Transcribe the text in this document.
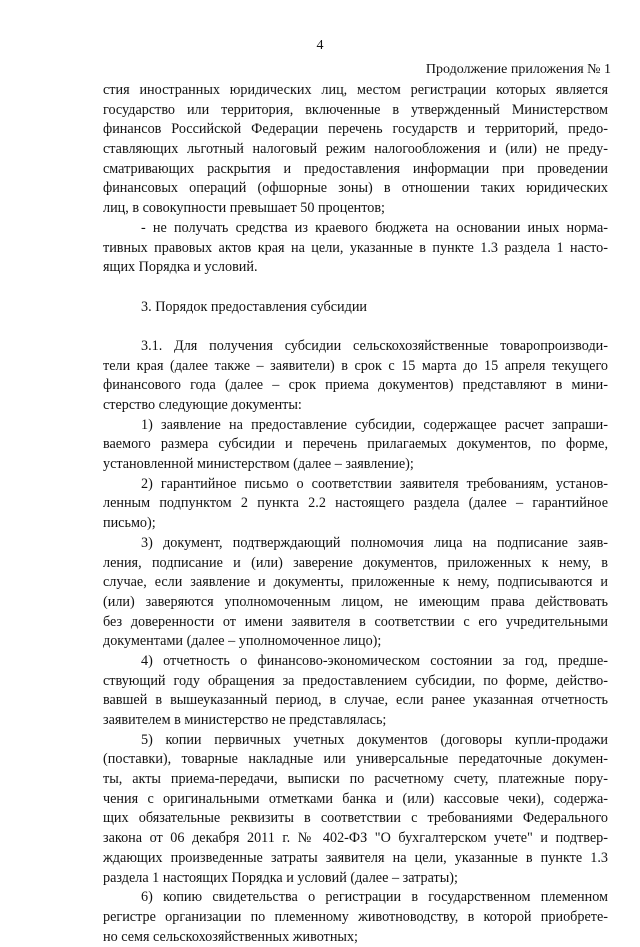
4
Продолжение приложения № 1
стия иностранных юридических лиц, местом регистрации которых является
государство или территория, включенные в утвержденный Министерством
финансов Российской Федерации перечень государств и территорий, предо-
ставляющих льготный налоговый режим налогообложения и (или) не преду-
сматривающих раскрытия и предоставления информации при проведении
финансовых операций (офшорные зоны) в отношении таких юридических
лиц, в совокупности превышает 50 процентов;
- не получать средства из краевого бюджета на основании иных норма-
тивных правовых актов края на цели, указанные в пункте 1.3 раздела 1 насто-
ящих Порядка и условий.
3. Порядок предоставления субсидии
3.1. Для получения субсидии сельскохозяйственные товаропроизводи-
тели края (далее также – заявители) в срок с 15 марта до 15 апреля текущего
финансового года (далее – срок приема документов) представляют в мини-
стерство следующие документы:
1) заявление на предоставление субсидии, содержащее расчет запраши-
ваемого размера субсидии и перечень прилагаемых документов, по форме,
установленной министерством (далее – заявление);
2) гарантийное письмо о соответствии заявителя требованиям, установ-
ленным подпунктом 2 пункта 2.2 настоящего раздела (далее – гарантийное
письмо);
3) документ, подтверждающий полномочия лица на подписание заяв-
ления, подписание и (или) заверение документов, приложенных к нему, в
случае, если заявление и документы, приложенные к нему, подписываются и
(или) заверяются уполномоченным лицом, не имеющим права действовать
без доверенности от имени заявителя в соответствии с его учредительными
документами (далее – уполномоченное лицо);
4) отчетность о финансово-экономическом состоянии за год, предше-
ствующий году обращения за предоставлением субсидии, по форме, действо-
вавшей в вышеуказанный период, в случае, если ранее указанная отчетность
заявителем в министерство не представлялась;
5) копии первичных учетных документов (договоры купли-продажи
(поставки), товарные накладные или универсальные передаточные докумен-
ты, акты приема-передачи, выписки по расчетному счету, платежные пору-
чения с оригинальными отметками банка и (или) кассовые чеки), содержа-
щих обязательные реквизиты в соответствии с требованиями Федерального
закона от 06 декабря 2011 г. № 402-ФЗ "О бухгалтерском учете" и подтвер-
ждающих произведенные затраты заявителя на цели, указанные в пункте 1.3
раздела 1 настоящих Порядка и условий (далее – затраты);
6) копию свидетельства о регистрации в государственном племенном
регистре организации по племенному животноводству, в которой приобрете-
но семя сельскохозяйственных животных;
